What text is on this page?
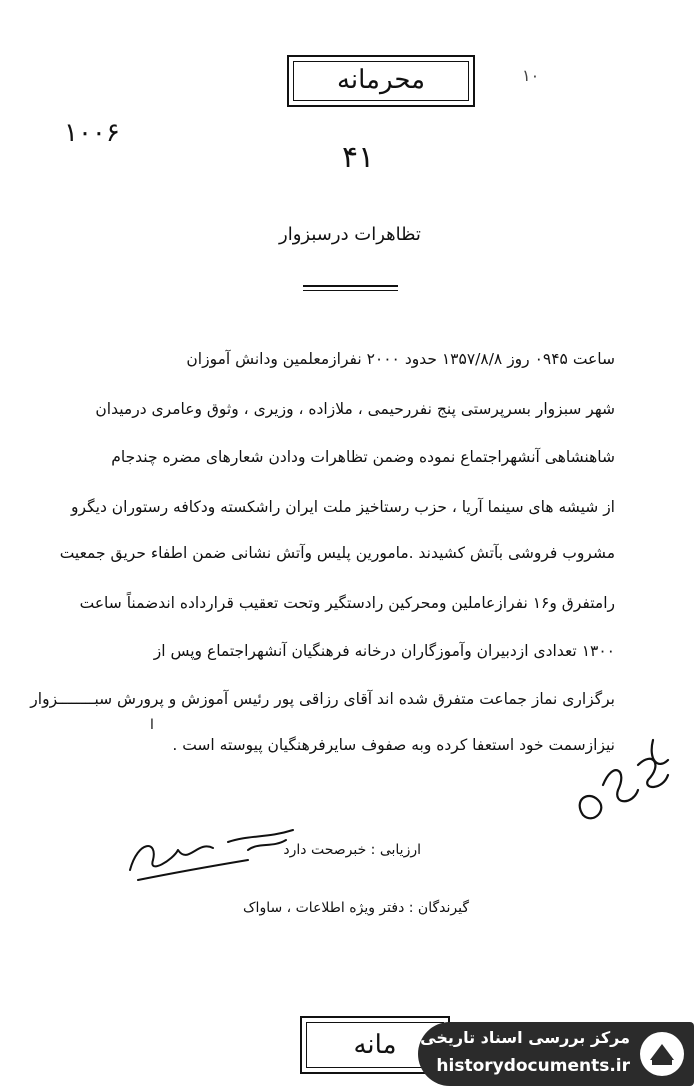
محرمانه	۱۰
۱۰۰۶
۴۱
تظاهرات درسبزوار
ساعت ۰۹۴۵ روز ۱۳۵۷/۸/۸ حدود ۲۰۰۰ نفرازمعلمین ودانش آموزان
شهر سبزوار بسرپرستی پنج نفررحیمی ، ملازاده ، وزیری ، وثوق وعامری درمیدان
شاهنشاهی آنشهراجتماع نموده وضمن تظاهرات ودادن شعارهای مضره چندجام
از شیشه های سینما آریا ، حزب رستاخیز ملت ایران راشکسته ودکافه رستوران دیگرو
مشروب فروشی بآتش کشیدند .مامورین پلیس وآتش نشانی ضمن اطفاء حریق جمعیت
رامتفرق و۱۶ نفرازعاملین ومحرکین رادستگیر وتحت تعقیب قرارداده اندضمناً ساعت
۱۳۰۰ تعدادی ازدبیران وآموزگاران درخانه فرهنگیان آنشهراجتماع وپس از
برگزاری نماز جماعت متفرق شده اند آقای رزاقی پور رئیس آموزش و پرورش سبــــــــزوار
نیزازسمت خود استعفا کرده وبه صفوف سایرفرهنگیان پیوسته است .
ا
ارزیابی : خبرصحت دارد
گیرندگان : دفتر ویژه اطلاعات ، ساواک
مانه	مرکز بررسی اسناد تاریخی
historydocuments.ir
